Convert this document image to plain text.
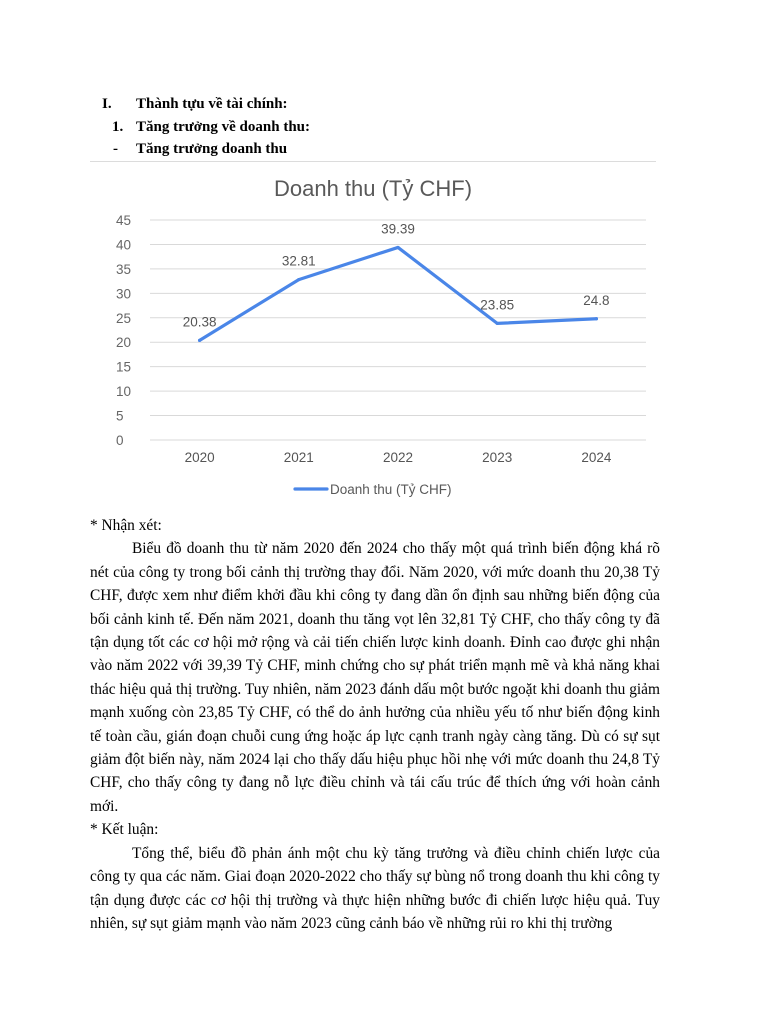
I. Thành tựu về tài chính:
1. Tăng trưởng về doanh thu:
- Tăng trưởng doanh thu
Doanh thu (Tỷ CHF)
0
5
10
15
20
25
30
35
40
45
2020	2021	2022	2023	2024
20.38
32.81
39.39
23.85	24.8
Doanh thu (Tỷ CHF)

* Nhận xét:

Biểu đồ doanh thu từ năm 2020 đến 2024 cho thấy một quá trình biến động khá rõ nét của công ty trong bối cảnh thị trường thay đổi. Năm 2020, với mức doanh thu 20,38 Tỷ CHF, được xem như điểm khởi đầu khi công ty đang dần ổn định sau những biến động của bối cảnh kinh tế. Đến năm 2021, doanh thu tăng vọt lên 32,81 Tỷ CHF, cho thấy công ty đã tận dụng tốt các cơ hội mở rộng và cải tiến chiến lược kinh doanh. Đỉnh cao được ghi nhận vào năm 2022 với 39,39 Tỷ CHF, minh chứng cho sự phát triển mạnh mẽ và khả năng khai thác hiệu quả thị trường. Tuy nhiên, năm 2023 đánh dấu một bước ngoặt khi doanh thu giảm mạnh xuống còn 23,85 Tỷ CHF, có thể do ảnh hưởng của nhiều yếu tố như biến động kinh tế toàn cầu, gián đoạn chuỗi cung ứng hoặc áp lực cạnh tranh ngày càng tăng. Dù có sự sụt giảm đột biến này, năm 2024 lại cho thấy dấu hiệu phục hồi nhẹ với mức doanh thu 24,8 Tỷ CHF, cho thấy công ty đang nỗ lực điều chỉnh và tái cấu trúc để thích ứng với hoàn cảnh mới.

* Kết luận:

Tổng thể, biểu đồ phản ánh một chu kỳ tăng trưởng và điều chỉnh chiến lược của công ty qua các năm. Giai đoạn 2020-2022 cho thấy sự bùng nổ trong doanh thu khi công ty tận dụng được các cơ hội thị trường và thực hiện những bước đi chiến lược hiệu quả. Tuy nhiên, sự sụt giảm mạnh vào năm 2023 cũng cảnh báo về những rủi ro khi thị trường
